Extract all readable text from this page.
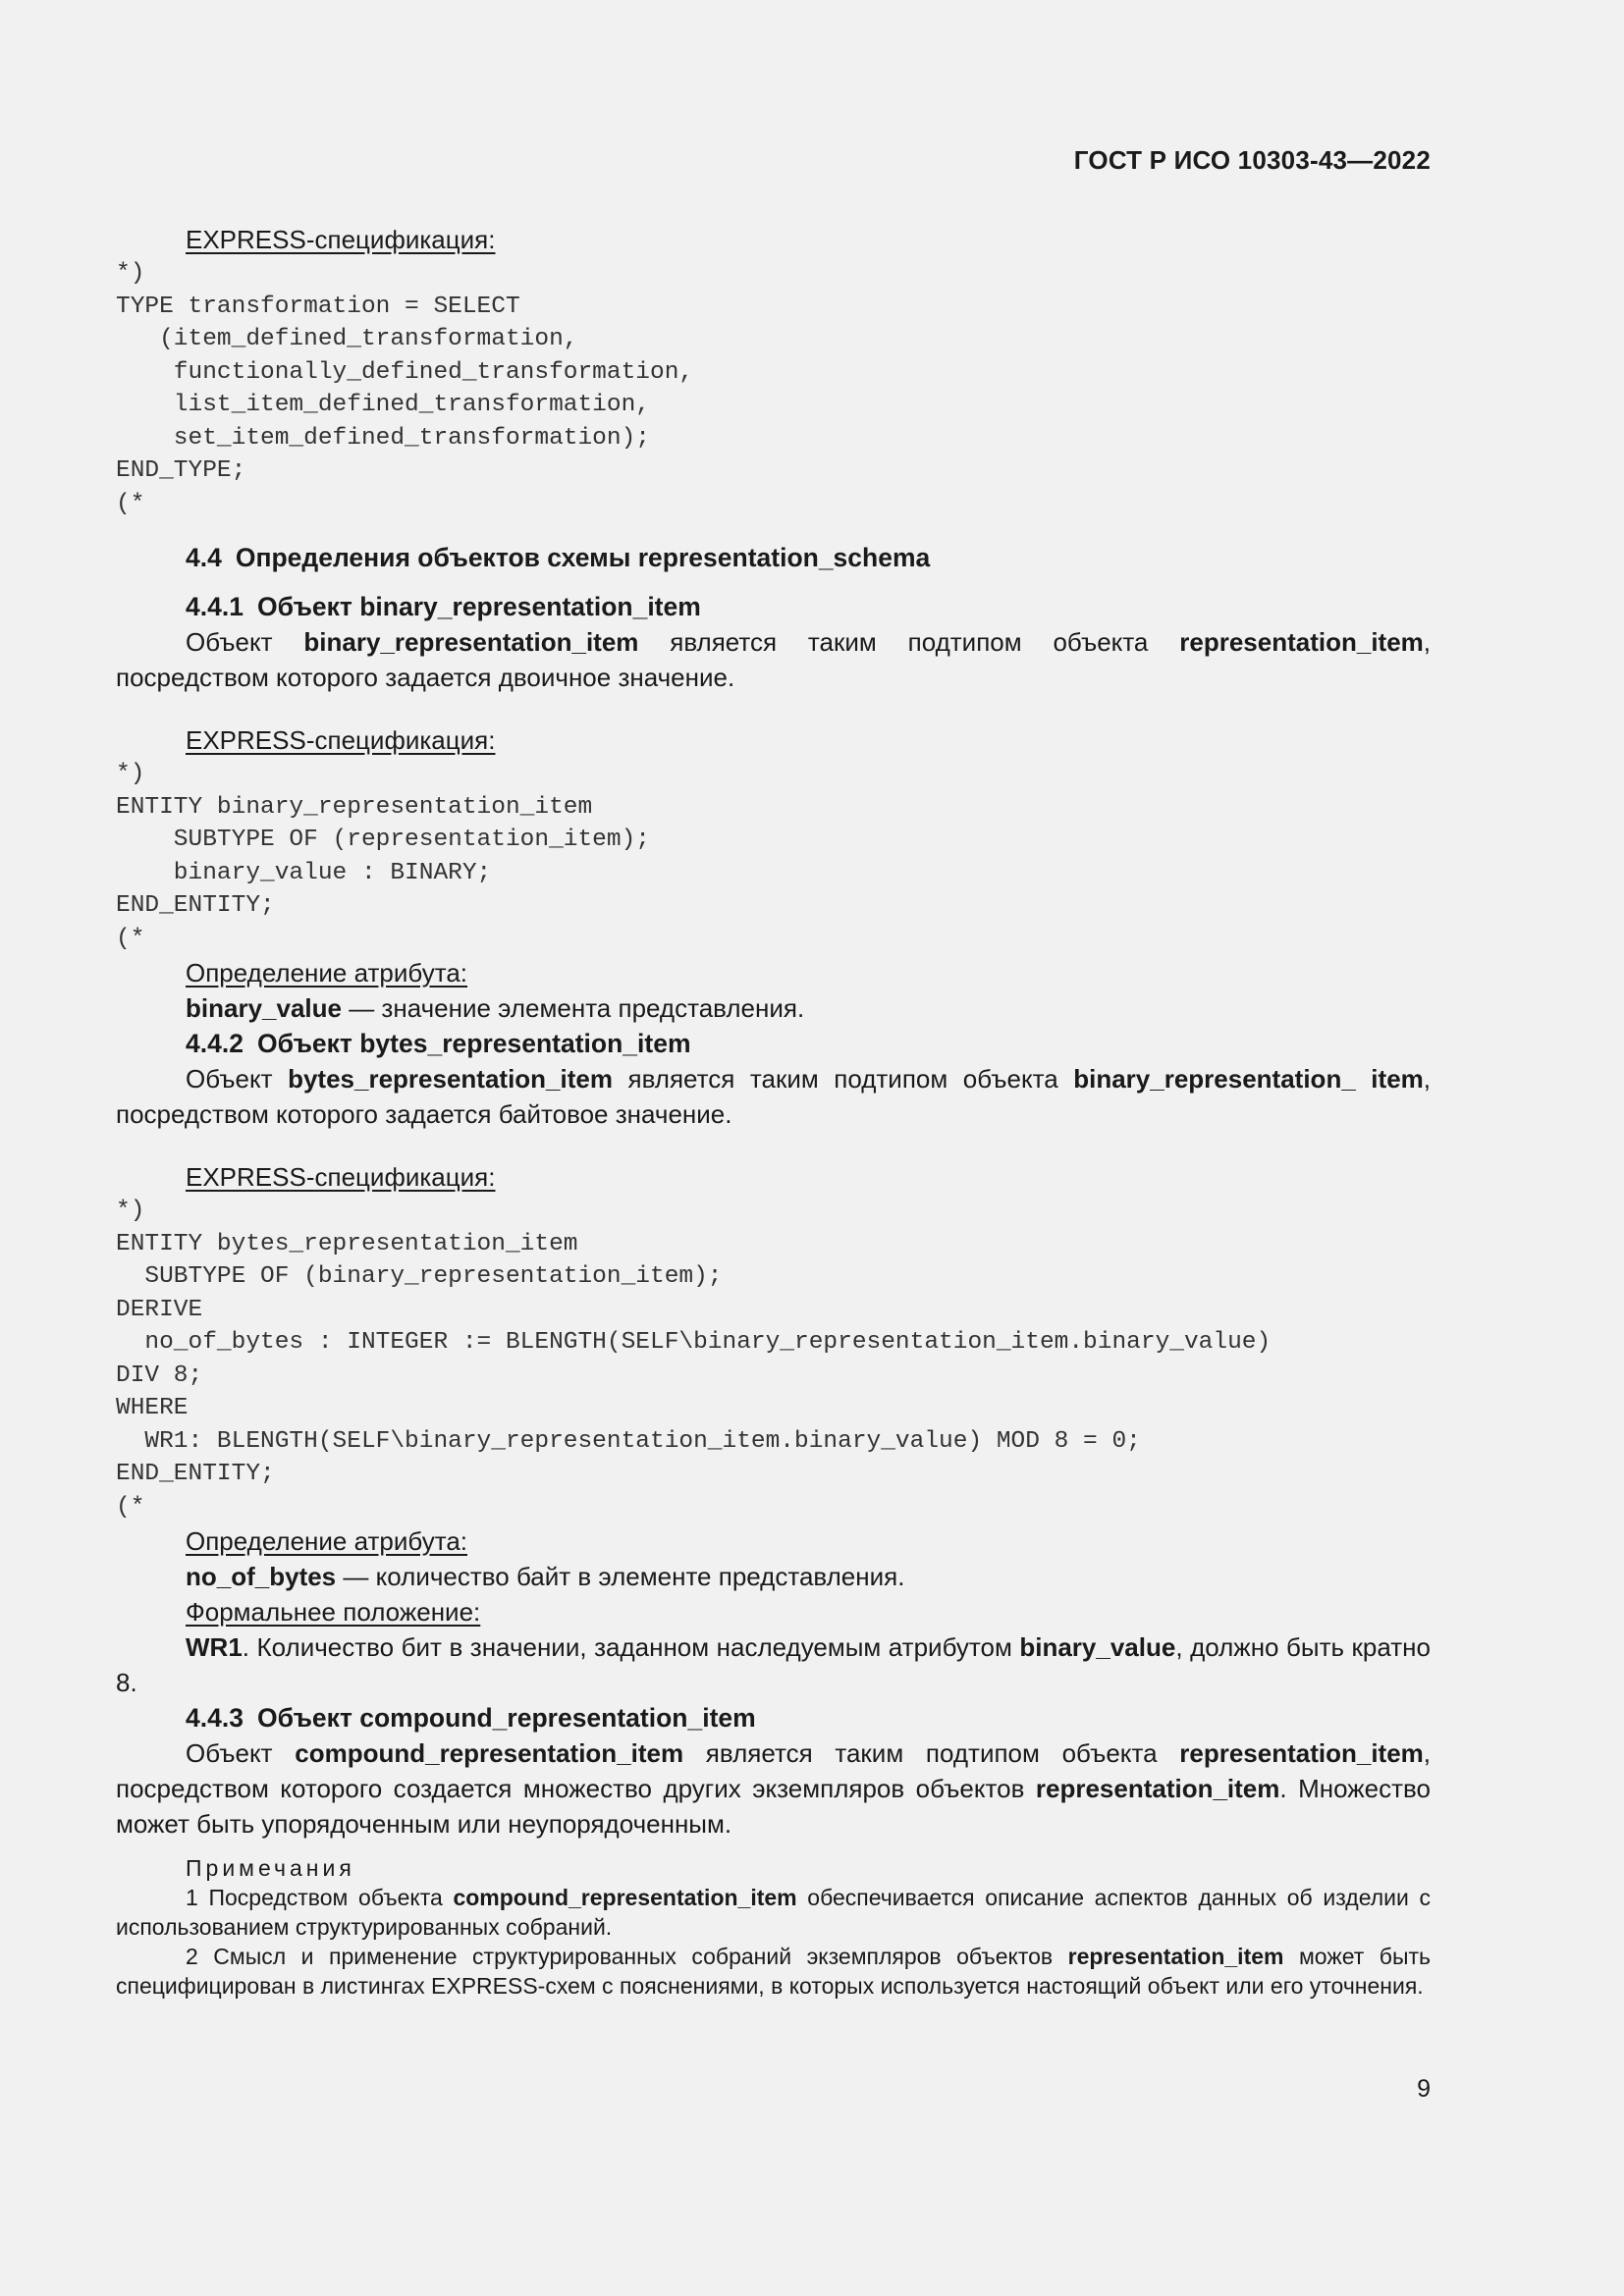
ГОСТ Р ИСО 10303-43—2022
EXPRESS-спецификация:
*)
TYPE transformation = SELECT
(item_defined_transformation,
functionally_defined_transformation,
list_item_defined_transformation,
set_item_defined_transformation);
END_TYPE;
(*
4.4 Определения объектов схемы representation_schema
4.4.1 Объект binary_representation_item

Объект binary_representation_item является таким подтипом объекта representation_item, посредством которого задается двоичное значение.

EXPRESS-спецификация:
*)
ENTITY binary_representation_item
SUBTYPE OF (representation_item);
binary_value : BINARY;
END_ENTITY;
(*
Определение атрибута:
binary_value — значение элемента представления.
4.4.2 Объект bytes_representation_item

Объект bytes_representation_item является таким подтипом объекта binary_representation_ item, посредством которого задается байтовое значение.

EXPRESS-спецификация:
*)
ENTITY bytes_representation_item
SUBTYPE OF (binary_representation_item);
DERIVE
no_of_bytes : INTEGER := BLENGTH(SELF\binary_representation_item.binary_value)
DIV 8;
WHERE
WR1: BLENGTH(SELF\binary_representation_item.binary_value) MOD 8 = 0;
END_ENTITY;
(*
Определение атрибута:
no_of_bytes — количество байт в элементе представления.
Формальнее положение:

WR1. Количество бит в значении, заданном наследуемым атрибутом binary_value, должно быть кратно 8.

4.4.3 Объект compound_representation_item

Объект compound_representation_item является таким подтипом объекта representation_item, посредством которого создается множество других экземпляров объектов representation_item. Множество может быть упорядоченным или неупорядоченным.

Примечания

1 Посредством объекта compound_representation_item обеспечивается описание аспектов данных об изделии с использованием структурированных собраний.

2 Смысл и применение структурированных собраний экземпляров объектов representation_item может быть специфицирован в листингах EXPRESS-схем с пояснениями, в которых используется настоящий объект или его уточнения.

9
